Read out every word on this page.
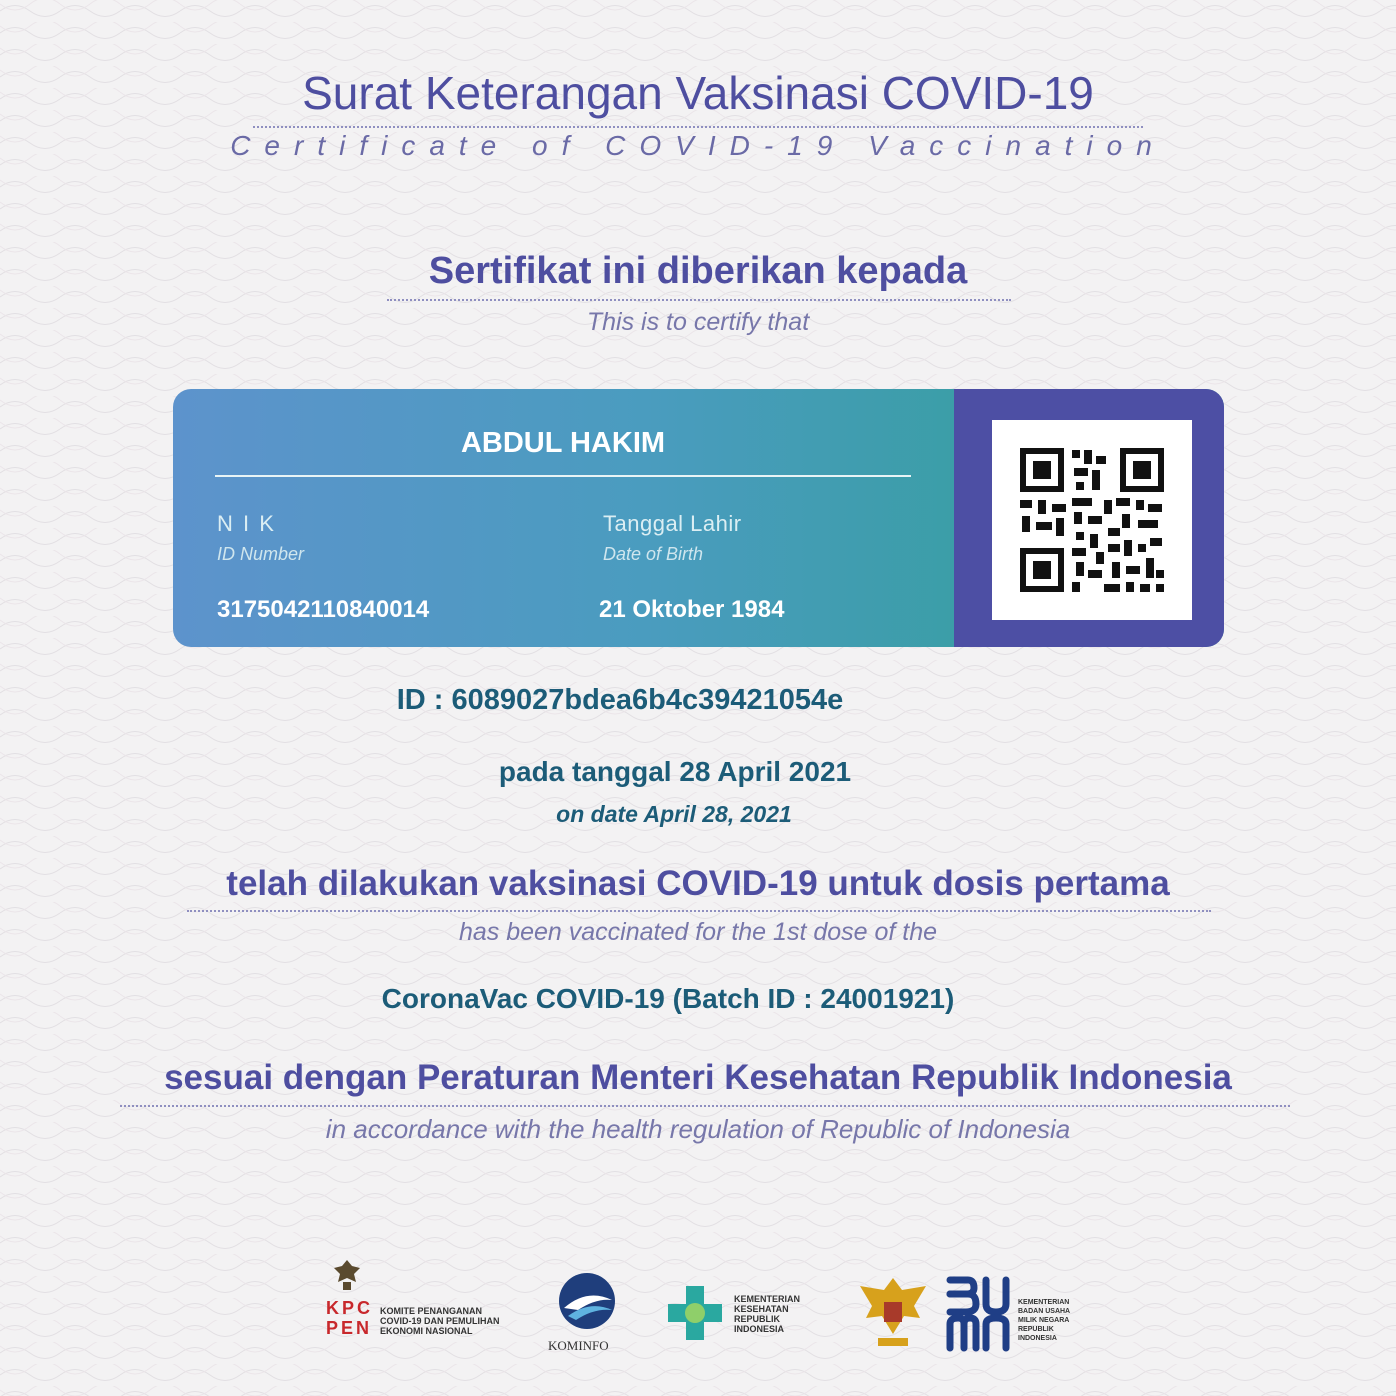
Surat Keterangan Vaksinasi COVID-19
Certificate of COVID-19 Vaccination
Sertifikat ini diberikan kepada
This is to certify that
ABDUL HAKIM
N I K
ID Number
3175042110840014
Tanggal Lahir
Date of Birth
21 Oktober 1984
ID : 6089027bdea6b4c39421054e
pada tanggal 28 April 2021
on date April 28, 2021
telah dilakukan vaksinasi COVID-19 untuk dosis pertama
has been vaccinated for the 1st dose of the
CoronaVac COVID-19 (Batch ID : 24001921)
sesuai dengan Peraturan Menteri Kesehatan Republik Indonesia
in accordance with the health regulation of Republic of Indonesia
KPC
PEN
KOMITE PENANGANAN COVID-19 DAN PEMULIHAN EKONOMI NASIONAL
KOMINFO
KEMENTERIAN KESEHATAN REPUBLIK INDONESIA
KEMENTERIAN BADAN USAHA MILIK NEGARA REPUBLIK INDONESIA
